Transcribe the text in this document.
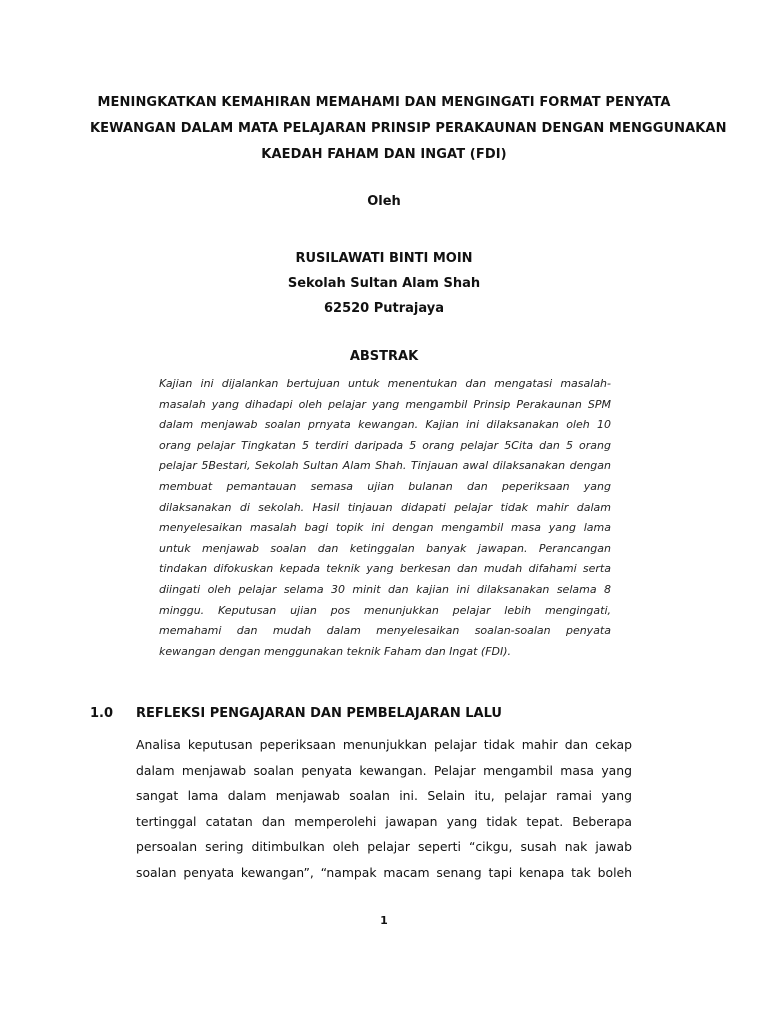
MENINGKATKAN KEMAHIRAN MEMAHAMI DAN MENGINGATI FORMAT PENYATA
KEWANGAN DALAM MATA PELAJARAN PRINSIP PERAKAUNAN DENGAN MENGGUNAKAN
KAEDAH FAHAM DAN INGAT (FDI)
Oleh
RUSILAWATI BINTI MOIN
Sekolah Sultan Alam Shah
62520 Putrajaya
ABSTRAK
Kajian ini dijalankan bertujuan untuk menentukan dan mengatasi masalah-
masalah yang dihadapi oleh pelajar yang mengambil Prinsip Perakaunan SPM
dalam menjawab soalan prnyata kewangan. Kajian ini dilaksanakan oleh 10
orang pelajar Tingkatan 5 terdiri daripada 5 orang pelajar 5Cita dan 5 orang
pelajar 5Bestari, Sekolah Sultan Alam Shah. Tinjauan awal dilaksanakan dengan
membuat pemantauan semasa ujian bulanan dan peperiksaan yang
dilaksanakan di sekolah. Hasil tinjauan didapati pelajar tidak mahir dalam
menyelesaikan masalah bagi topik ini dengan mengambil masa yang lama
untuk menjawab soalan dan ketinggalan banyak jawapan. Perancangan
tindakan difokuskan kepada teknik yang berkesan dan mudah difahami serta
diingati oleh pelajar selama 30 minit dan kajian ini dilaksanakan selama 8
minggu. Keputusan ujian pos menunjukkan pelajar lebih mengingati,
memahami dan mudah dalam menyelesaikan soalan-soalan penyata
kewangan dengan menggunakan teknik Faham dan Ingat (FDI).
1.0 REFLEKSI PENGAJARAN DAN PEMBELAJARAN LALU
Analisa keputusan peperiksaan menunjukkan pelajar tidak mahir dan cekap
dalam menjawab soalan penyata kewangan. Pelajar mengambil masa yang
sangat lama dalam menjawab soalan ini. Selain itu, pelajar ramai yang
tertinggal catatan dan memperolehi jawapan yang tidak tepat. Beberapa
persoalan sering ditimbulkan oleh pelajar seperti “cikgu, susah nak jawab
soalan penyata kewangan”, “nampak macam senang tapi kenapa tak boleh
1
